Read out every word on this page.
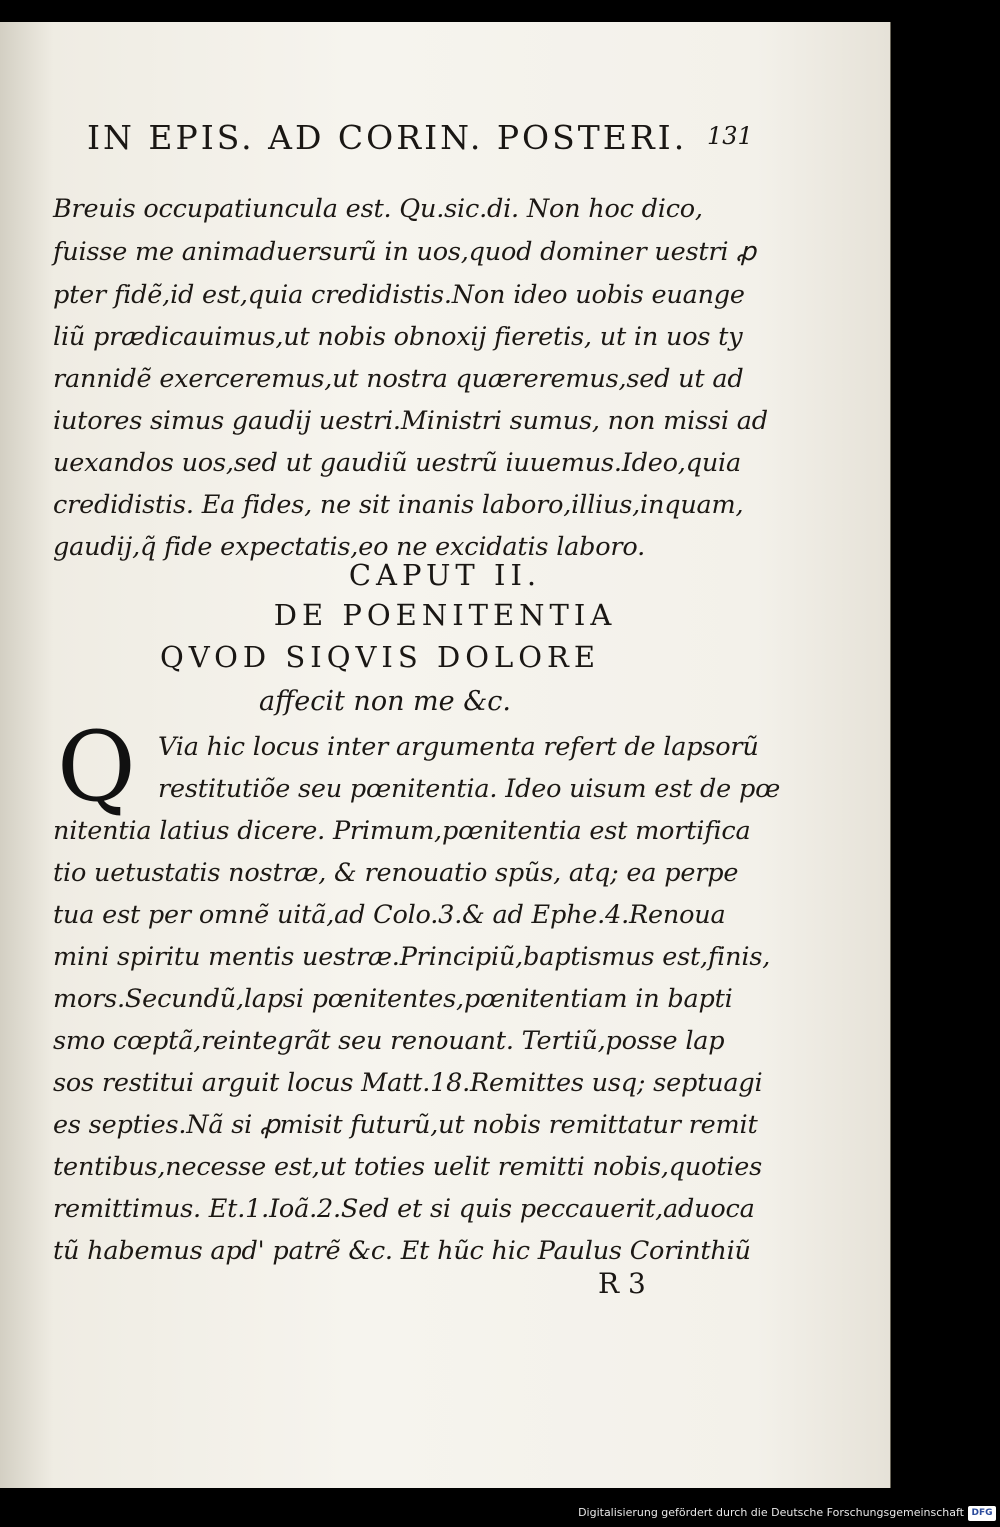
IN EPIS. AD CORIN. POSTERI. 131
Breuis occupatiuncula est. Qu.sic.di. Non hoc dico,
fuisse me animaduersurũ in uos,quod dominer uestri ꝓ
pter fidẽ,id est,quia credidistis.Non ideo uobis euange
liũ prædicauimus,ut nobis obnoxij fieretis, ut in uos ty
rannidẽ exerceremus,ut nostra quæreremus,sed ut ad
iutores simus gaudij uestri.Ministri sumus, non missi ad
uexandos uos,sed ut gaudiũ uestrũ iuuemus.Ideo,quia
credidistis. Ea fides, ne sit inanis laboro,illius,inquam,
gaudij,q̃ fide expectatis,eo ne excidatis laboro.
CAPUT II.
DE POENITENTIA
QVOD SIQVIS DOLORE
affecit non me &c.
Q Via hic locus inter argumenta refert de lapsorũ
restitutiõe seu pœnitentia. Ideo uisum est de pœ
nitentia latius dicere. Primum,pœnitentia est mortifica
tio uetustatis nostræ, & renouatio spũs, atq; ea perpe
tua est per omnẽ uitã,ad Colo.3.& ad Ephe.4.Renoua
mini spiritu mentis uestræ.Principiũ,baptismus est,finis,
mors.Secundũ,lapsi pœnitentes,pœnitentiam in bapti
smo cœptã,reintegrãt seu renouant. Tertiũ,posse lap
sos restitui arguit locus Matt.18.Remittes usq; septuagi
es septies.Nã si ꝓmisit futurũ,ut nobis remittatur remit
tentibus,necesse est,ut toties uelit remitti nobis,quoties
remittimus. Et.1.Ioã.2.Sed et si quis peccauerit,aduoca
tũ habemus apd' patrẽ &c. Et hũc hic Paulus Corinthiũ
R 3
Digitalisierung gefördert durch die Deutsche Forschungsgemeinschaft DFG
